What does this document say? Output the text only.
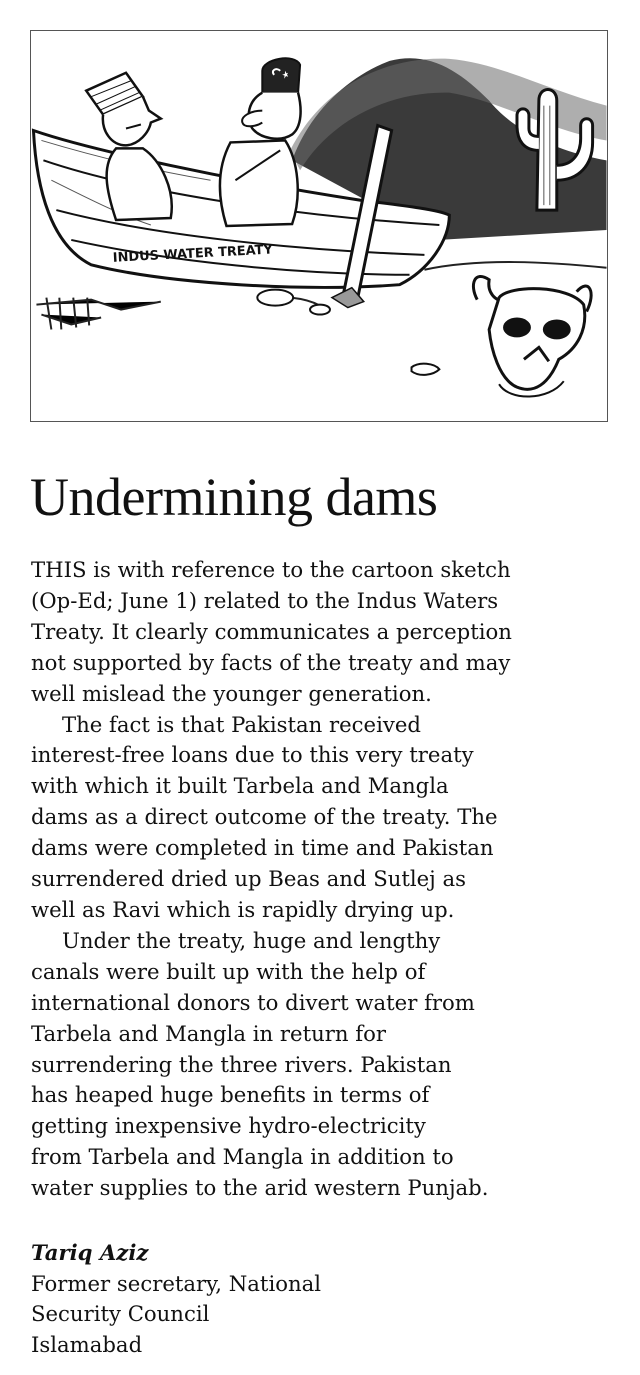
INDUS WATER TREATY
Undermining dams

THIS is with reference to the cartoon sketch
(Op-Ed; June 1) related to the Indus Waters
Treaty. It clearly communicates a perception
not supported by facts of the treaty and may
well mislead the younger generation.

The fact is that Pakistan received
interest-free loans due to this very treaty
with which it built Tarbela and Mangla
dams as a direct outcome of the treaty. The
dams were completed in time and Pakistan
surrendered dried up Beas and Sutlej as
well as Ravi which is rapidly drying up.

Under the treaty, huge and lengthy
canals were built up with the help of
international donors to divert water from
Tarbela and Mangla in return for
surrendering the three rivers. Pakistan
has heaped huge benefits in terms of
getting inexpensive hydro-electricity
from Tarbela and Mangla in addition to
water supplies to the arid western Punjab.

Tariq Aziz
Former secretary, National
Security Council
Islamabad
